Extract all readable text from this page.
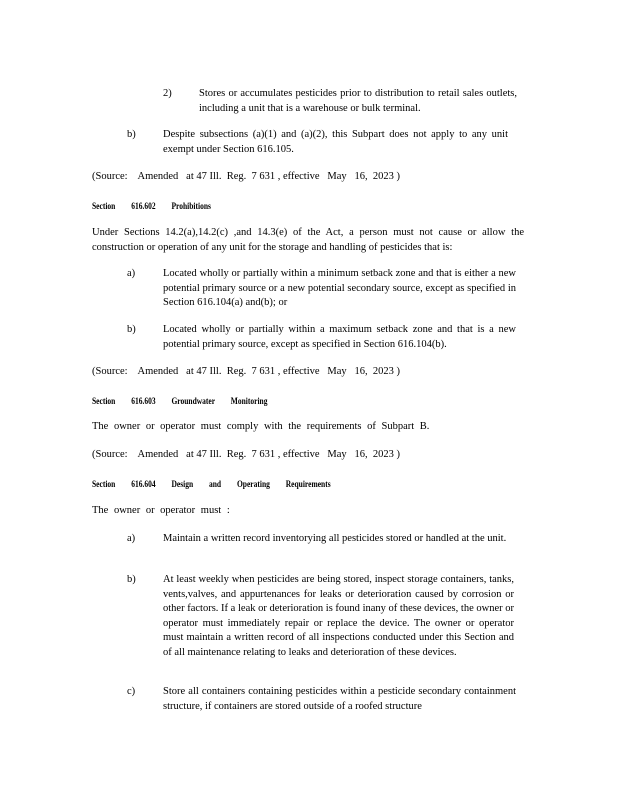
2)	Stores or accumulates pesticides prior to distribution to retail sales outlets, including a unit that is a warehouse or bulk terminal.
b)	Despite subsections (a)(1) and (a)(2), this Subpart does not apply to any unit exempt under Section 616.105.
(Source:    Amended   at 47 Ill.  Reg.  7 631 , effective   May   16,  2023 )
Section 616.602 Prohibitions
Under Sections 14.2(a),14.2(c) ,and 14.3(e) of the Act, a person must not cause or allow the construction or operation of any unit for the storage and handling of pesticides that is:
a)	Located wholly or partially within a minimum setback zone and that is either a new potential primary source or a new potential secondary source, except as specified in Section 616.104(a) and(b); or
b)	Located wholly or partially within a maximum setback zone and that is a new potential primary source, except as specified in Section 616.104(b).
(Source:    Amended   at 47 Ill.  Reg.  7 631 , effective   May   16,  2023 )
Section 616.603 Groundwater Monitoring
The owner or operator must comply with the requirements of Subpart B.
(Source:    Amended   at 47 Ill.  Reg.  7 631 , effective   May   16,  2023 )
Section 616.604 Design and Operating Requirements
The owner or operator must :
a)	Maintain a written record inventorying all pesticides stored or handled at the unit.
b)	At least weekly when pesticides are being stored, inspect storage containers, tanks, vents,valves, and appurtenances for leaks or deterioration caused by corrosion or other factors. If a leak or deterioration is found inany of these devices, the owner or operator must immediately repair or replace the device. The owner or operator must maintain a written record of all inspections conducted under this Section and of all maintenance relating to leaks and deterioration of these devices.
c)	Store all containers containing pesticides within a pesticide secondary containment structure, if containers are stored outside of a roofed structure
